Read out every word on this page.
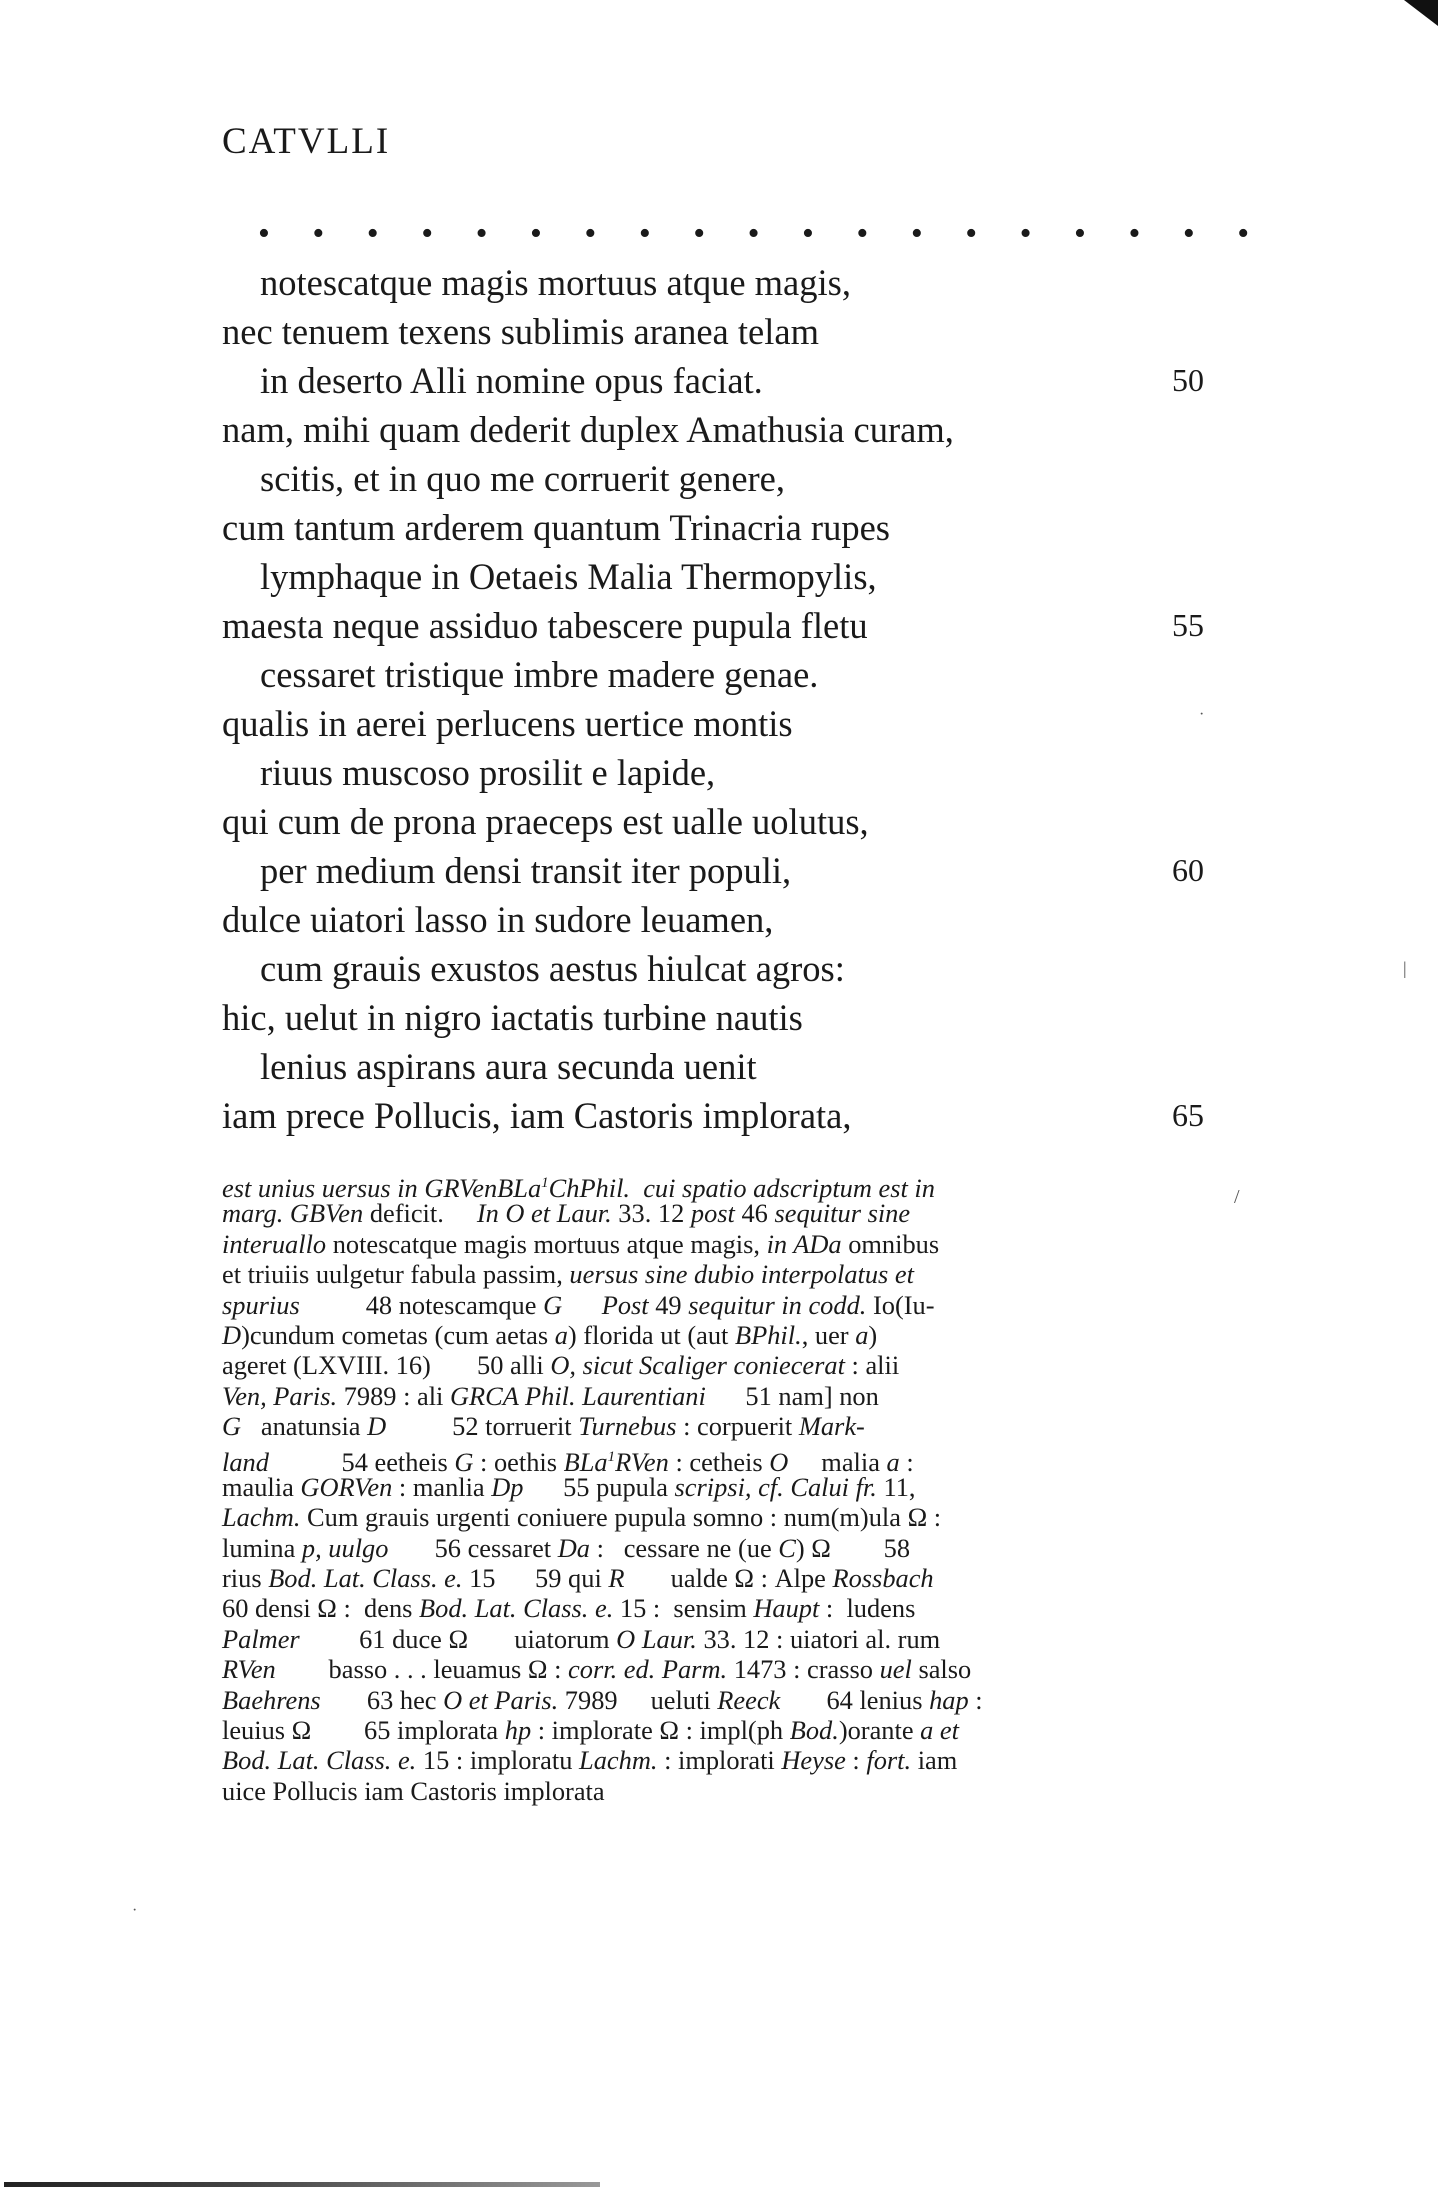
CATVLLI
• • • • • • • • • • • • • • • • • • •
notescatque magis mortuus atque magis,
nec tenuem texens sublimis aranea telam
in deserto Alli nomine opus faciat.	50
nam, mihi quam dederit duplex Amathusia curam,
scitis, et in quo me corruerit genere,
cum tantum arderem quantum Trinacria rupes
lymphaque in Oetaeis Malia Thermopylis,
maesta neque assiduo tabescere pupula fletu	55
cessaret tristique imbre madere genae.
qualis in aerei perlucens uertice montis
riuus muscoso prosilit e lapide,
qui cum de prona praeceps est ualle uolutus,
per medium densi transit iter populi,	60
dulce uiatori lasso in sudore leuamen,
cum grauis exustos aestus hiulcat agros:
hic, uelut in nigro iactatis turbine nautis
lenius aspirans aura secunda uenit
iam prece Pollucis, iam Castoris implorata,	65
est unius uersus in GRVenBLa$^1$ChPhil.  cui spatio adscriptum est in
marg. GBVen deficit.     In O et Laur. 33. 12 post 46 sequitur sine
interuallo notescatque magis mortuus atque magis, in ADa omnibus
et triuiis uulgetur fabula passim, uersus sine dubio interpolatus et
spurius          48 notescamque G Post 49 sequitur in codd. Io(Iu-
D)cundum cometas (cum aetas a) florida ut (aut BPhil., uer a)
ageret (LXVIII. 16)       50 alli O, sicut Scaliger coniecerat : alii
Ven, Paris. 7989 : ali GRCA Phil. Laurentiani      51 nam] non
G   anatunsia D          52 torruerit Turnebus : corpuerit Mark-
land           54 eetheis G : oethis BLa$^1$RVen : cetheis O     malia a :
maulia GORVen : manlia Dp      55 pupula scripsi, cf. Calui fr. 11,
Lachm. Cum grauis urgenti coniuere pupula somno : num(m)ula Ω :
lumina p, uulgo       56 cessaret Da :   cessare ne (ue C) Ω        58
rius Bod. Lat. Class. e. 15      59 qui R       ualde Ω : Alpe Rossbach
60 densi Ω :  dens Bod. Lat. Class. e. 15 :  sensim Haupt :  ludens
Palmer         61 duce Ω       uiatorum O Laur. 33. 12 : uiatori al. rum
RVen        basso . . . leuamus Ω : corr. ed. Parm. 1473 : crasso uel salso
Baehrens       63 hec O et Paris. 7989     ueluti Reeck       64 lenius hap :
leuius Ω        65 implorata hp : implorate Ω : impl(ph Bod.)orante a et
Bod. Lat. Class. e. 15 : imploratu Lachm. : implorati Heyse : fort. iam
uice Pollucis iam Castoris implorata
/
|
·
·
